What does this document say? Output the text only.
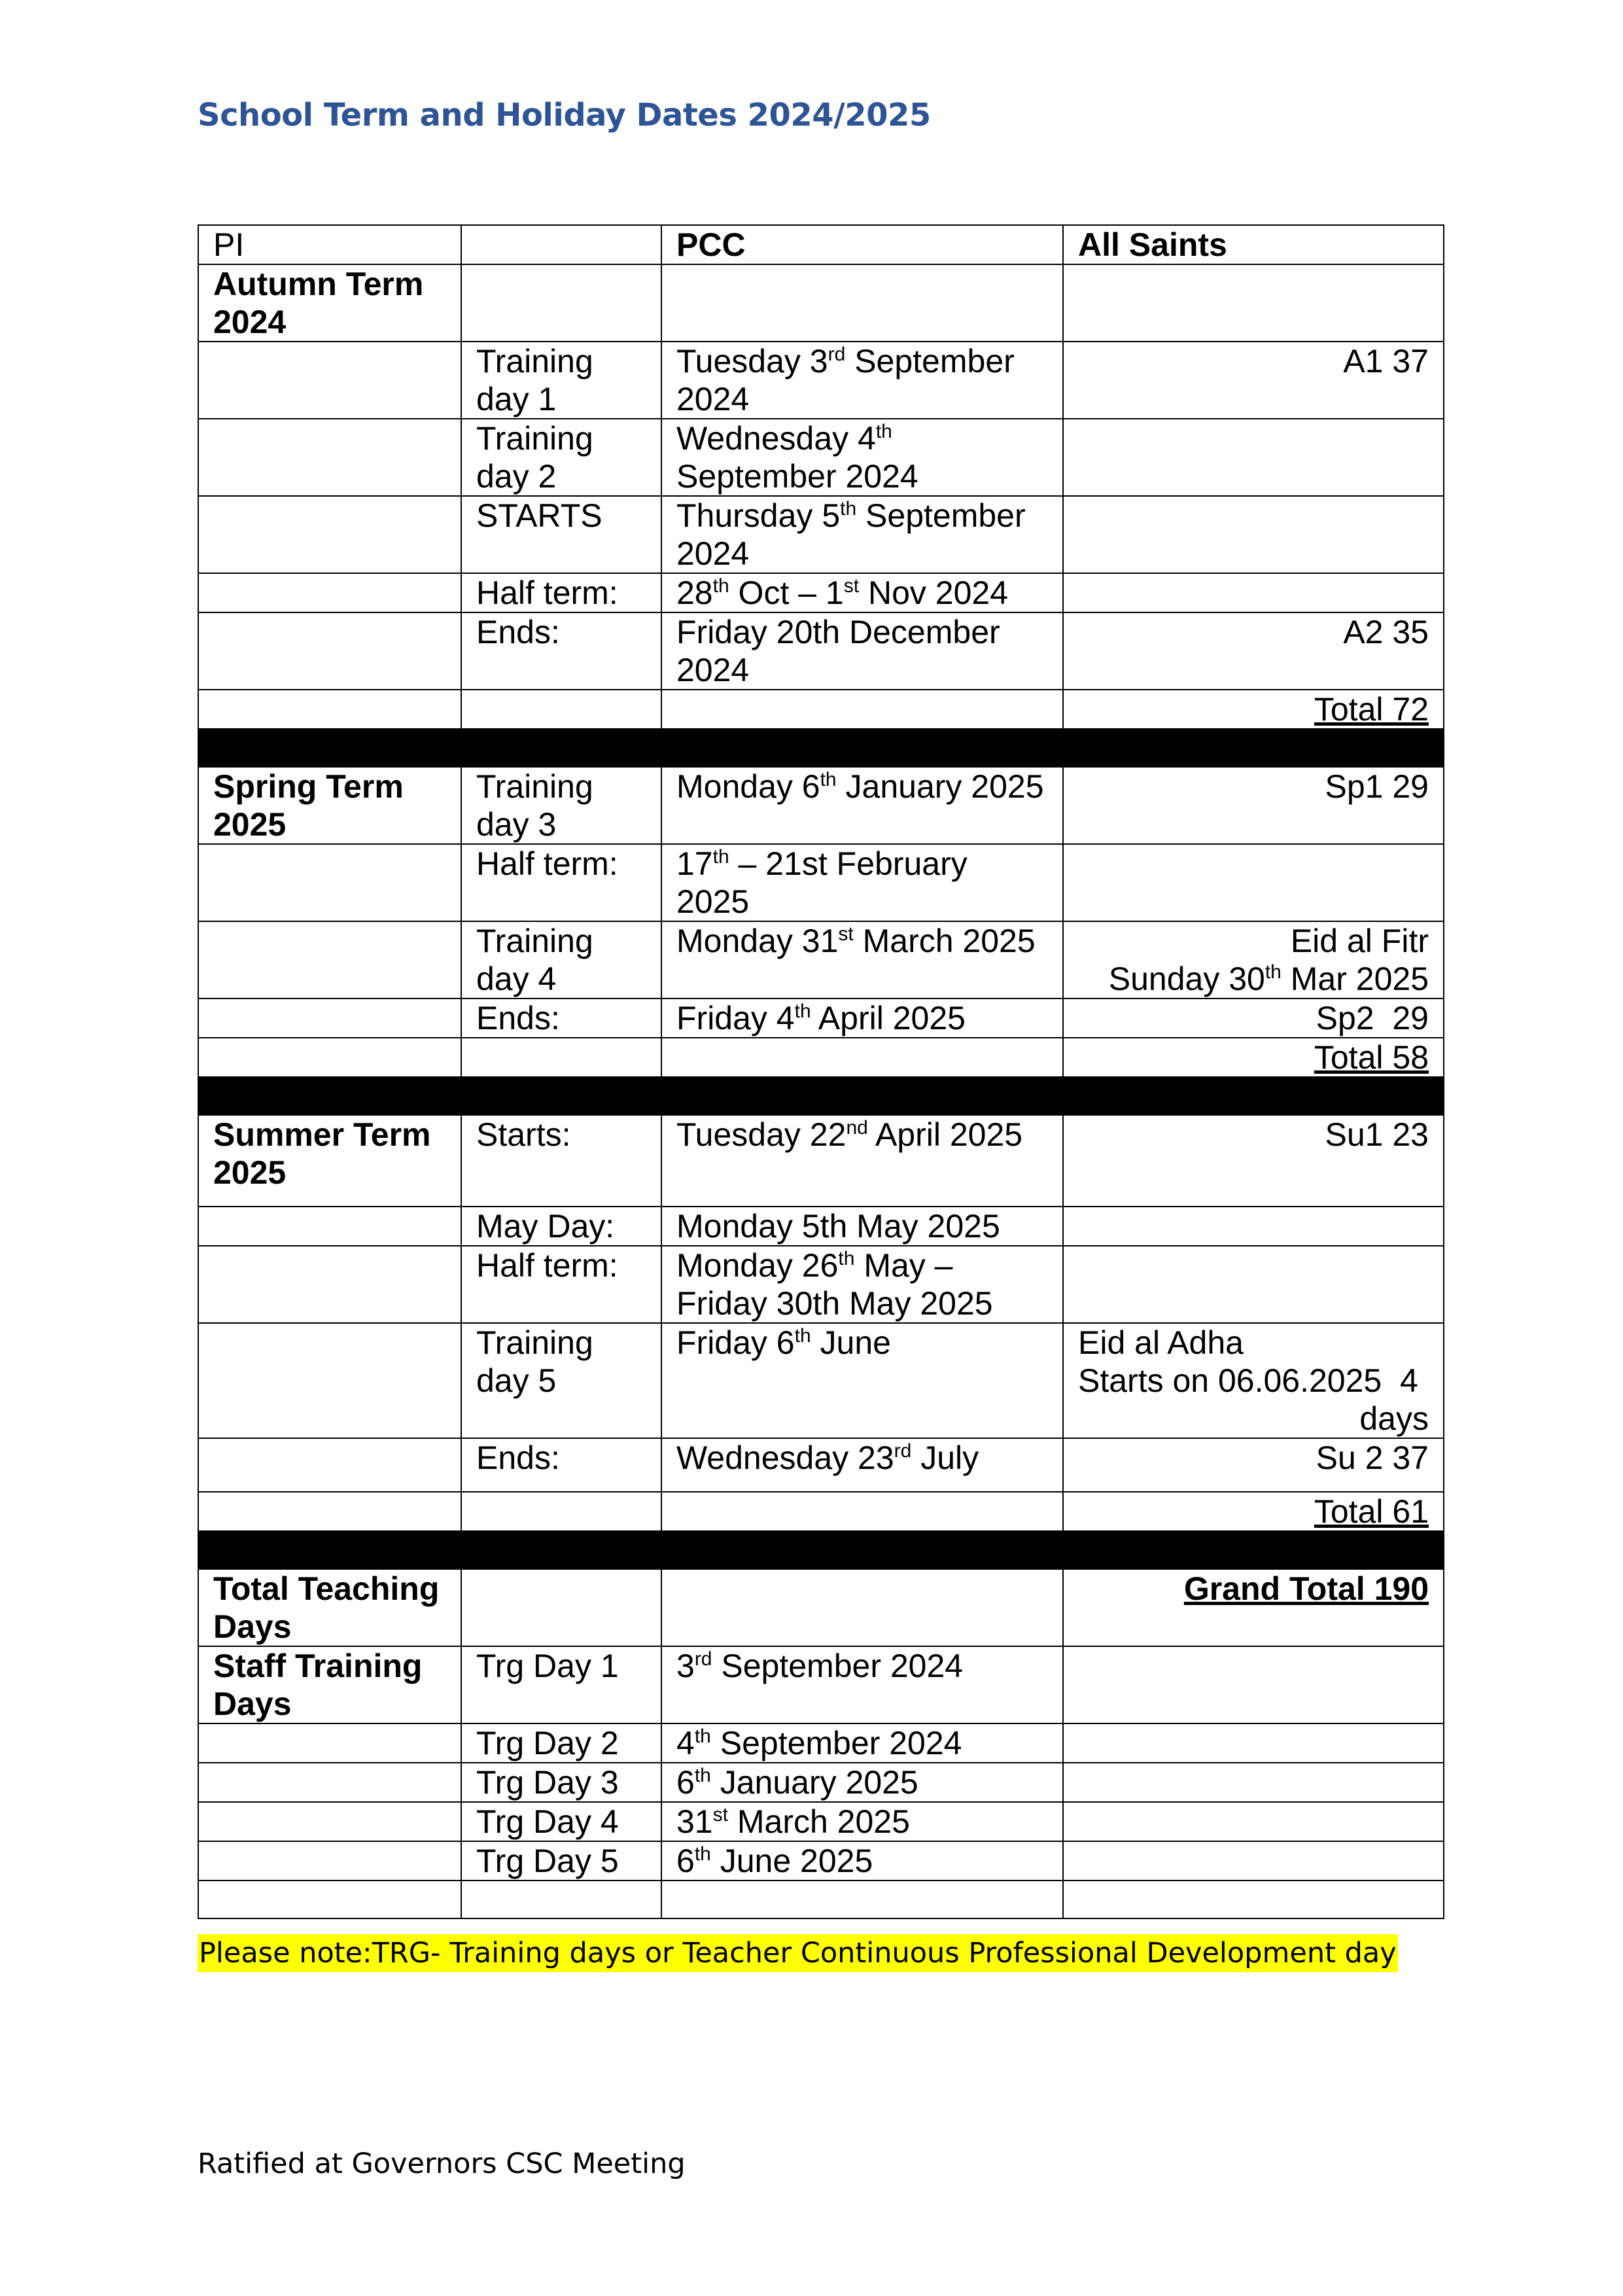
School Term and Holiday Dates 2024/2025
PI		PCC	All Saints
Autumn Term 2024			
	Training day 1	Tuesday 3rd September 2024	A1 37
	Training day 2	Wednesday 4th September 2024	
	STARTS	Thursday 5th September 2024	
	Half term:	28th Oct – 1st Nov 2024	
	Ends:	Friday 20th December 2024	A2 35
			Total 72

Spring Term 2025	Training day 3	Monday 6th January 2025	Sp1 29
	Half term:	17th – 21st February 2025	
	Training day 4	Monday 31st March 2025	Eid al Fitr
Sunday 30th Mar 2025

	Ends:	Friday 4th April 2025	Sp2  29
			Total 58

Summer Term 2025	Starts:	Tuesday 22nd April 2025	Su1 23
	May Day:	Monday 5th May 2025	
	Half term:	Monday 26th May – Friday 30th May 2025	
	Training day 5	Friday 6th June	Eid al Adha
Starts on 06.06.2025  4
days

	Ends:	Wednesday 23rd July	Su 2 37
			Total 61

Total Teaching Days			Grand Total 190
Staff Training Days	Trg Day 1	3rd September 2024	
	Trg Day 2	4th September 2024	
	Trg Day 3	6th January 2025	
	Trg Day 4	31st March 2025	
	Trg Day 5	6th June 2025	

Please note:TRG- Training days or Teacher Continuous Professional Development day
Ratified at Governors CSC Meeting
